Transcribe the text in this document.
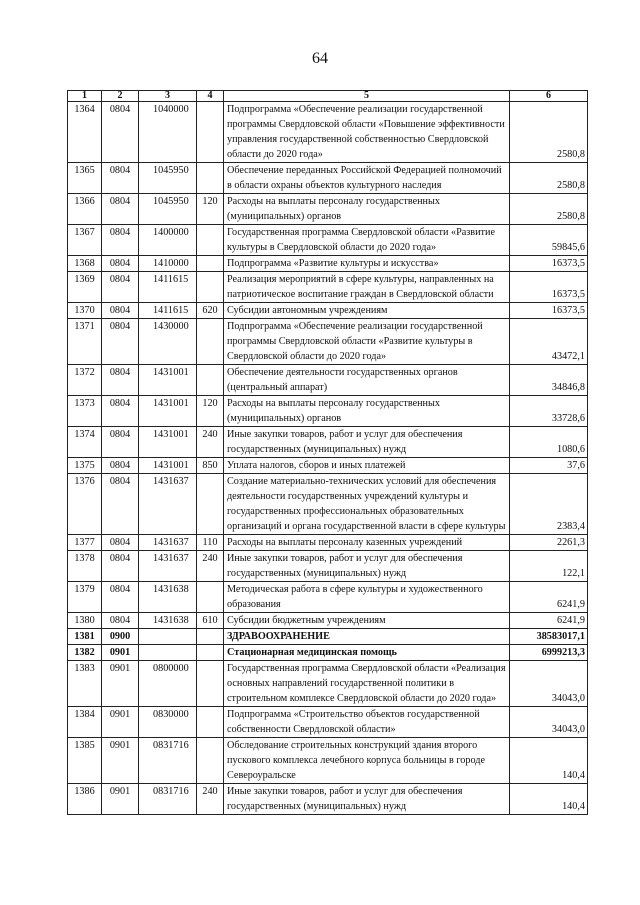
64
1	2	3	4	5	6
1364	0804	1040000		Подпрограмма «Обеспечение реализации государственной программы Свердловской области «Повышение эффективности управления государственной собственностью Свердловской области до 2020 года»	2580,8
1365	0804	1045950		Обеспечение переданных Российской Федерацией полномочий в области охраны объектов культурного наследия	2580,8
1366	0804	1045950	120	Расходы на выплаты персоналу государственных (муниципальных) органов	2580,8
1367	0804	1400000		Государственная программа Свердловской области «Развитие культуры в Свердловской области до 2020 года»	59845,6
1368	0804	1410000		Подпрограмма «Развитие культуры и искусства»	16373,5
1369	0804	1411615		Реализация мероприятий в сфере культуры, направленных на патриотическое воспитание граждан в Свердловской области	16373,5
1370	0804	1411615	620	Субсидии автономным учреждениям	16373,5
1371	0804	1430000		Подпрограмма «Обеспечение реализации государственной программы Свердловской области «Развитие культуры в Свердловской области до 2020 года»	43472,1
1372	0804	1431001		Обеспечение деятельности государственных органов (центральный аппарат)	34846,8
1373	0804	1431001	120	Расходы на выплаты персоналу государственных (муниципальных) органов	33728,6
1374	0804	1431001	240	Иные закупки товаров, работ и услуг для обеспечения государственных (муниципальных) нужд	1080,6
1375	0804	1431001	850	Уплата налогов, сборов и иных платежей	37,6
1376	0804	1431637		Создание материально-технических условий для обеспечения деятельности государственных учреждений культуры и государственных профессиональных образовательных организаций и органа государственной власти в сфере культуры	2383,4
1377	0804	1431637	110	Расходы на выплаты персоналу казенных учреждений	2261,3
1378	0804	1431637	240	Иные закупки товаров, работ и услуг для обеспечения государственных (муниципальных) нужд	122,1
1379	0804	1431638		Методическая работа в сфере культуры и художественного образования	6241,9
1380	0804	1431638	610	Субсидии бюджетным учреждениям	6241,9
1381	0900			ЗДРАВООХРАНЕНИЕ	38583017,1
1382	0901			Стационарная медицинская помощь	6999213,3
1383	0901	0800000		Государственная программа Свердловской области «Реализация основных направлений государственной политики в строительном комплексе Свердловской области до 2020 года»	34043,0
1384	0901	0830000		Подпрограмма «Строительство объектов государственной собственности Свердловской области»	34043,0
1385	0901	0831716		Обследование строительных конструкций здания второго пускового комплекса лечебного корпуса больницы в городе Североуральске	140,4
1386	0901	0831716	240	Иные закупки товаров, работ и услуг для обеспечения государственных (муниципальных) нужд	140,4
